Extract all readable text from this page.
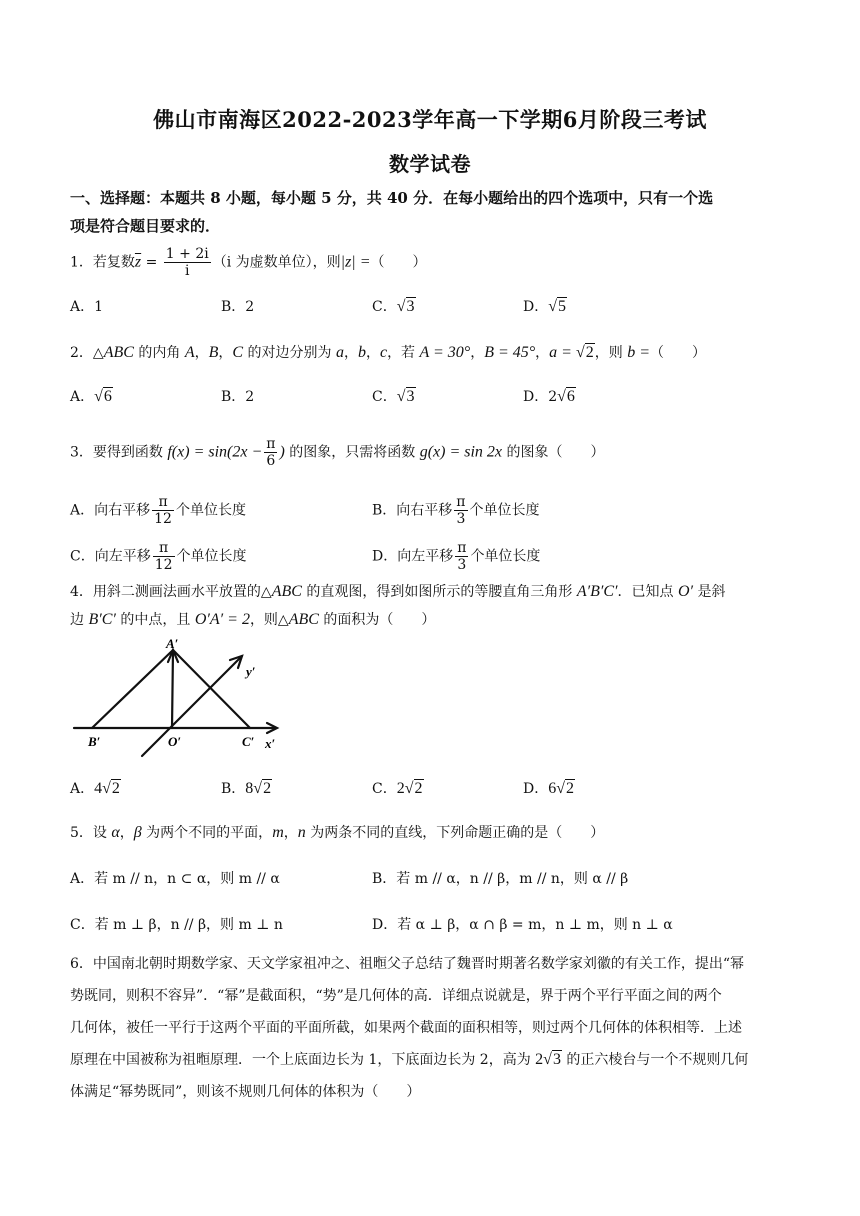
佛山市南海区2022-2023学年高一下学期6月阶段三考试
数学试卷
一、选择题：本题共 8 小题，每小题 5 分，共 40 分．在每小题给出的四个选项中，只有一个选
项是符合题目要求的．
1．若复数$\overline{z} = \frac{1 + 2i}{i} (i$ 为虚数单位），则|z| =（　　）
A．1	B．2	C．√3	D．√5
2．△ABC 的内角 A，B，C 的对边分别为 a，b，c，若 A = 30°，B = 45°，a = √2，则 b =（　　）
A．√6	B．2	C．√3	D．2√6
3．要得到函数 $f(x) = \sin(2x - \frac{\pi}{6}$ ) 的图象，只需将函数 g(x) = sin 2x 的图象（　　）
A．向右平移 $\frac{\pi}{12}$ 个单位长度	B．向右平移 $\frac{\pi}{3}$ 个单位长度
C．向左平移 $\frac{\pi}{12}$ 个单位长度	D．向左平移 $\frac{\pi}{3}$ 个单位长度
4．用斜二测画法画水平放置的△ABC 的直观图，得到如图所示的等腰直角三角形 A′B′C′．已知点 O′ 是斜
边 B′C′ 的中点，且 O′A′ = 2，则△ABC 的面积为（　　）
A′
B′	O′	C′ x′
y′
A．4√2	B．8√2	C．2√2	D．6√2
5．设 α，β 为两个不同的平面，m，n 为两条不同的直线，下列命题正确的是（　　）
A．若 m // n，n ⊂ α，则 m // α	B．若 m // α，n // β，m // n，则 α // β
C．若 m ⊥ β，n // β，则 m ⊥ n	D．若 α ⊥ β，α ∩ β = m，n ⊥ m，则 n ⊥ α
6．中国南北朝时期数学家、天文学家祖冲之、祖暅父子总结了魏晋时期著名数学家刘徽的有关工作，提出“幂
势既同，则积不容异”．“幂”是截面积，“势”是几何体的高．详细点说就是，界于两个平行平面之间的两个
几何体，被任一平行于这两个平面的平面所截，如果两个截面的面积相等，则过两个几何体的体积相等．上述
原理在中国被称为祖暅原理．一个上底面边长为 1，下底面边长为 2，高为 2√3 的正六棱台与一个不规则几何
体满足“幂势既同”，则该不规则几何体的体积为（　　）
